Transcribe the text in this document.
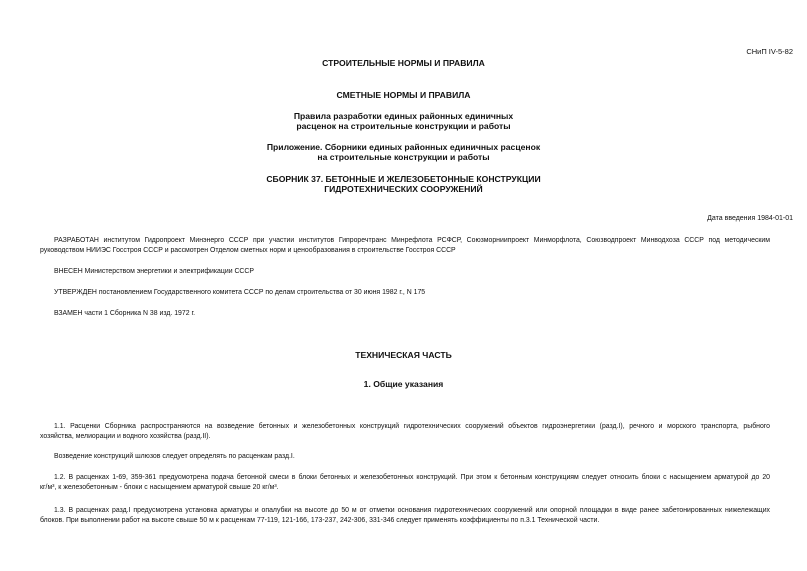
СНиП IV-5-82
СТРОИТЕЛЬНЫЕ НОРМЫ И ПРАВИЛА
СМЕТНЫЕ НОРМЫ И ПРАВИЛА
Правила разработки единых районных единичных
расценок на строительные конструкции и работы
Приложение. Сборники единых районных единичных расценок
на строительные конструкции и работы
СБОРНИК 37. БЕТОННЫЕ И ЖЕЛЕЗОБЕТОННЫЕ КОНСТРУКЦИИ
ГИДРОТЕХНИЧЕСКИХ СООРУЖЕНИЙ
Дата введения 1984-01-01
РАЗРАБОТАН институтом Гидропроект Минэнерго СССР при участии институтов Гипроречтранс Минрефлота РСФСР, Союзморниипроект Минморфлота, Союзводпроект Минводхоза СССР под методическим
руководством НИИЭС Госстроя СССР и рассмотрен Отделом сметных норм и ценообразования в строительстве Госстроя СССР
ВНЕСЕН Министерством энергетики и электрификации СССР
УТВЕРЖДЕН постановлением Государственного комитета СССР по делам строительства от 30 июня 1982 г., N 175
ВЗАМЕН части 1 Сборника N 38 изд. 1972 г.
ТЕХНИЧЕСКАЯ ЧАСТЬ
1. Общие указания
1.1. Расценки Сборника распространяются на возведение бетонных и железобетонных конструкций гидротехнических сооружений объектов гидроэнергетики (разд.I), речного и морского транспорта, рыбного
хозяйства, мелиорации и водного хозяйства (разд.II).
Возведение конструкций шлюзов следует определять по расценкам разд.I.
1.2. В расценках 1-69, 359-361 предусмотрена подача бетонной смеси в блоки бетонных и железобетонных конструкций. При этом к бетонным конструкциям следует относить блоки с насыщением арматурой до 20
кг/м³, к железобетонным - блоки с насыщением арматурой свыше 20 кг/м³.
1.3. В расценках разд.I предусмотрена установка арматуры и опалубки на высоте до 50 м от отметки основания гидротехнических сооружений или опорной площадки в виде ранее забетонированных нижележащих
блоков. При выполнении работ на высоте свыше 50 м к расценкам 77-119, 121-166, 173-237, 242-306, 331-346 следует применять коэффициенты по п.3.1 Технической части.
